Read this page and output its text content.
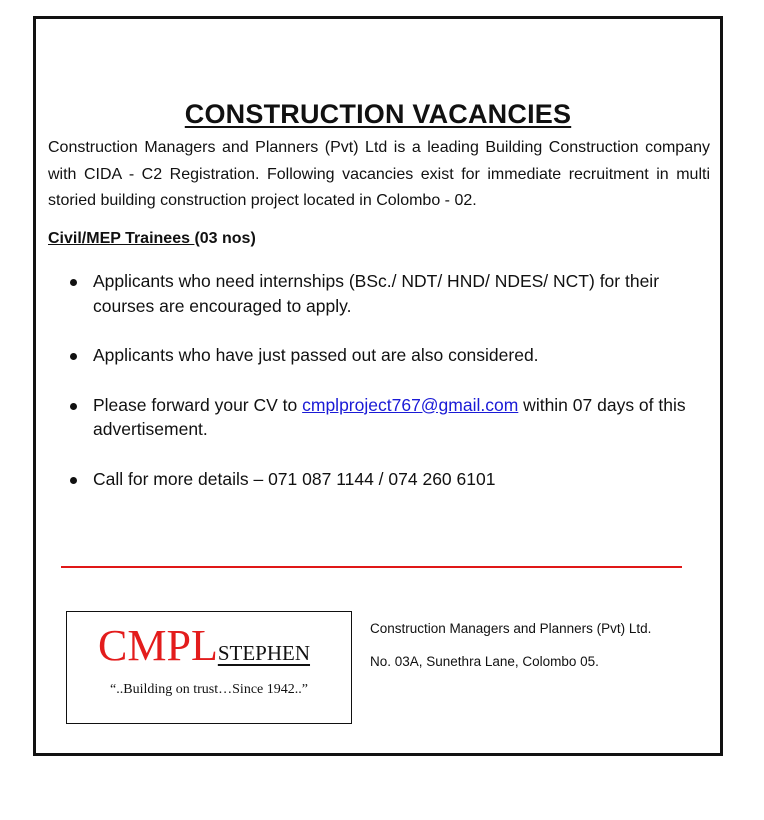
CONSTRUCTION VACANCIES

Construction Managers and Planners (Pvt) Ltd is a leading Building Construction company with CIDA - C2 Registration. Following vacancies exist for immediate recruitment in multi storied building construction project located in Colombo - 02.

Civil/MEP Trainees (03 nos)

Applicants who need internships (BSc./ NDT/ HND/ NDES/ NCT) for their courses are encouraged to apply.
Applicants who have just passed out are also considered.
Please forward your CV to cmplproject767@gmail.com within 07 days of this advertisement.
Call for more details – 071 087 1144 / 074 260 6101
CMPLSTEPHEN
“..Building on trust…Since 1942..”
Construction Managers and Planners (Pvt) Ltd.
No. 03A, Sunethra Lane, Colombo 05.
